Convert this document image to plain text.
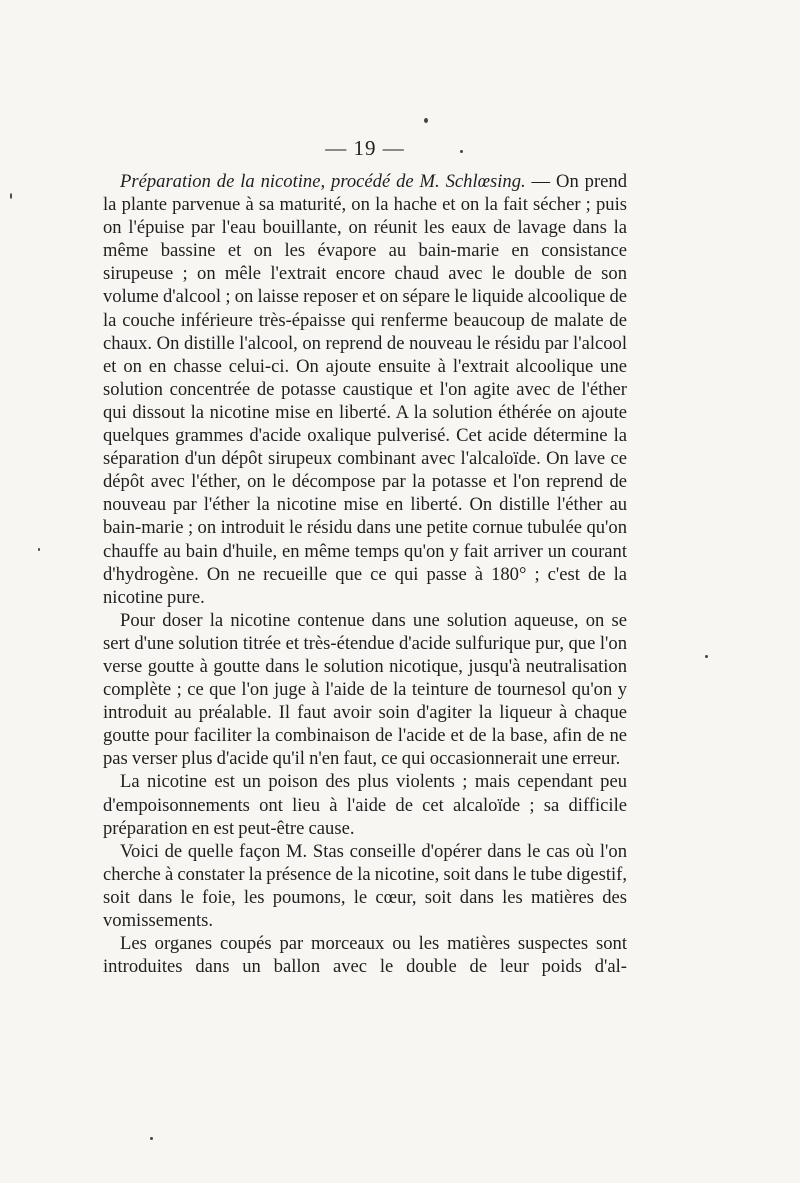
— 19 —

Préparation de la nicotine, procédé de M. Schlœsing. — On prend la plante parvenue à sa maturité, on la hache et on la fait sécher ; puis on l'épuise par l'eau bouillante, on réunit les eaux de lavage dans la même bassine et on les évapore au bain-marie en consistance sirupeuse ; on mêle l'extrait encore chaud avec le double de son volume d'alcool ; on laisse reposer et on sépare le liquide alcoolique de la couche inférieure très-épaisse qui renferme beaucoup de malate de chaux. On distille l'alcool, on reprend de nouveau le résidu par l'alcool et on en chasse celui-ci. On ajoute ensuite à l'extrait alcoolique une solution concentrée de potasse caustique et l'on agite avec de l'éther qui dissout la nicotine mise en liberté. A la solution éthérée on ajoute quelques grammes d'acide oxalique pulverisé. Cet acide détermine la séparation d'un dépôt sirupeux combinant avec l'alcaloïde. On lave ce dépôt avec l'éther, on le décompose par la potasse et l'on reprend de nouveau par l'éther la nicotine mise en liberté. On distille l'éther au bain-marie ; on introduit le résidu dans une petite cornue tubulée qu'on chauffe au bain d'huile, en même temps qu'on y fait arriver un courant d'hydrogène. On ne recueille que ce qui passe à 180° ; c'est de la nicotine pure.

Pour doser la nicotine contenue dans une solution aqueuse, on se sert d'une solution titrée et très-étendue d'acide sulfurique pur, que l'on verse goutte à goutte dans le solution nicotique, jusqu'à neutralisation complète ; ce que l'on juge à l'aide de la teinture de tournesol qu'on y introduit au préalable. Il faut avoir soin d'agiter la liqueur à chaque goutte pour faciliter la combinaison de l'acide et de la base, afin de ne pas verser plus d'acide qu'il n'en faut, ce qui occasionnerait une erreur.

La nicotine est un poison des plus violents ; mais cependant peu d'empoisonnements ont lieu à l'aide de cet alcaloïde ; sa difficile préparation en est peut-être cause.

Voici de quelle façon M. Stas conseille d'opérer dans le cas où l'on cherche à constater la présence de la nicotine, soit dans le tube digestif, soit dans le foie, les poumons, le cœur, soit dans les matières des vomissements.

Les organes coupés par morceaux ou les matières suspectes sont introduites dans un ballon avec le double de leur poids d'al-
